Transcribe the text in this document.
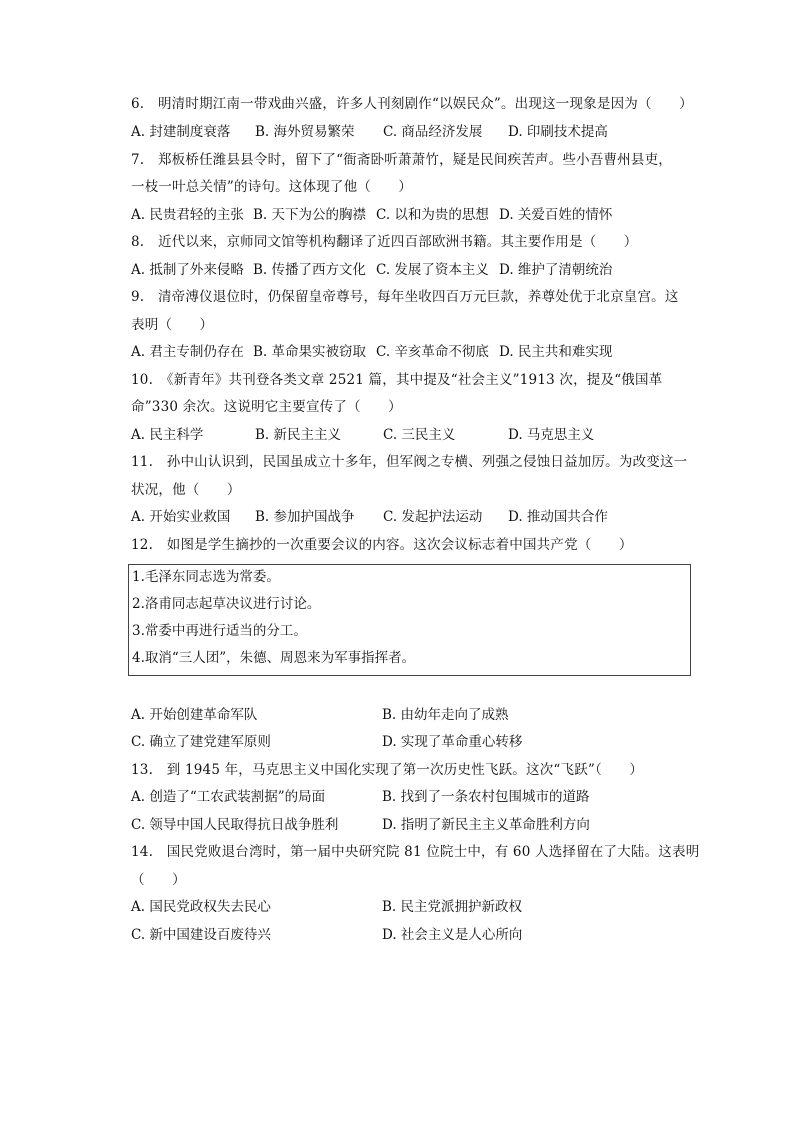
6.　明清时期江南一带戏曲兴盛，许多人刊刻剧作“以娱民众”。出现这一现象是因为（　　）
A. 封建制度衰落 B. 海外贸易繁荣 C. 商品经济发展 D. 印刷技术提高
7.　郑板桥任潍县县令时，留下了“衙斋卧听萧萧竹，疑是民间疾苦声。些小吾曹州县吏，
一枝一叶总关情”的诗句。这体现了他（　　）
A. 民贵君轻的主张 B. 天下为公的胸襟 C. 以和为贵的思想 D. 关爱百姓的情怀
8.　近代以来，京师同文馆等机构翻译了近四百部欧洲书籍。其主要作用是（　　）
A. 抵制了外来侵略 B. 传播了西方文化 C. 发展了资本主义 D. 维护了清朝统治
9.　清帝溥仪退位时，仍保留皇帝尊号，每年坐收四百万元巨款，养尊处优于北京皇宫。这
表明（　　）
A. 君主专制仍存在 B. 革命果实被窃取 C. 辛亥革命不彻底 D. 民主共和难实现
10.　《新青年》共刊登各类文章 2521 篇，其中提及“社会主义”1913 次，提及“俄国革
命”330 余次。这说明它主要宣传了（　　）
A. 民主科学	B. 新民主主义	C. 三民主义	D. 马克思主义
11.　孙中山认识到，民国虽成立十多年，但军阀之专横、列强之侵蚀日益加厉。为改变这一
状况，他（　　）
A. 开始实业救国 B. 参加护国战争 C. 发起护法运动 D. 推动国共合作
12.　如图是学生摘抄的一次重要会议的内容。这次会议标志着中国共产党（　　）
1.毛泽东同志选为常委。
2.洛甫同志起草决议进行讨论。
3.常委中再进行适当的分工。
4.取消“三人团”，朱德、周恩来为军事指挥者。
A. 开始创建革命军队	B. 由幼年走向了成熟
C. 确立了建党建军原则	D. 实现了革命重心转移
13.　到 1945 年，马克思主义中国化实现了第一次历史性飞跃。这次“飞跃”（　　）
A. 创造了“工农武装割据”的局面	B. 找到了一条农村包围城市的道路
C. 领导中国人民取得抗日战争胜利	D. 指明了新民主主义革命胜利方向
14.　国民党败退台湾时，第一届中央研究院 81 位院士中，有 60 人选择留在了大陆。这表明
（　　）
A. 国民党政权失去民心	B. 民主党派拥护新政权
C. 新中国建设百废待兴	D. 社会主义是人心所向
